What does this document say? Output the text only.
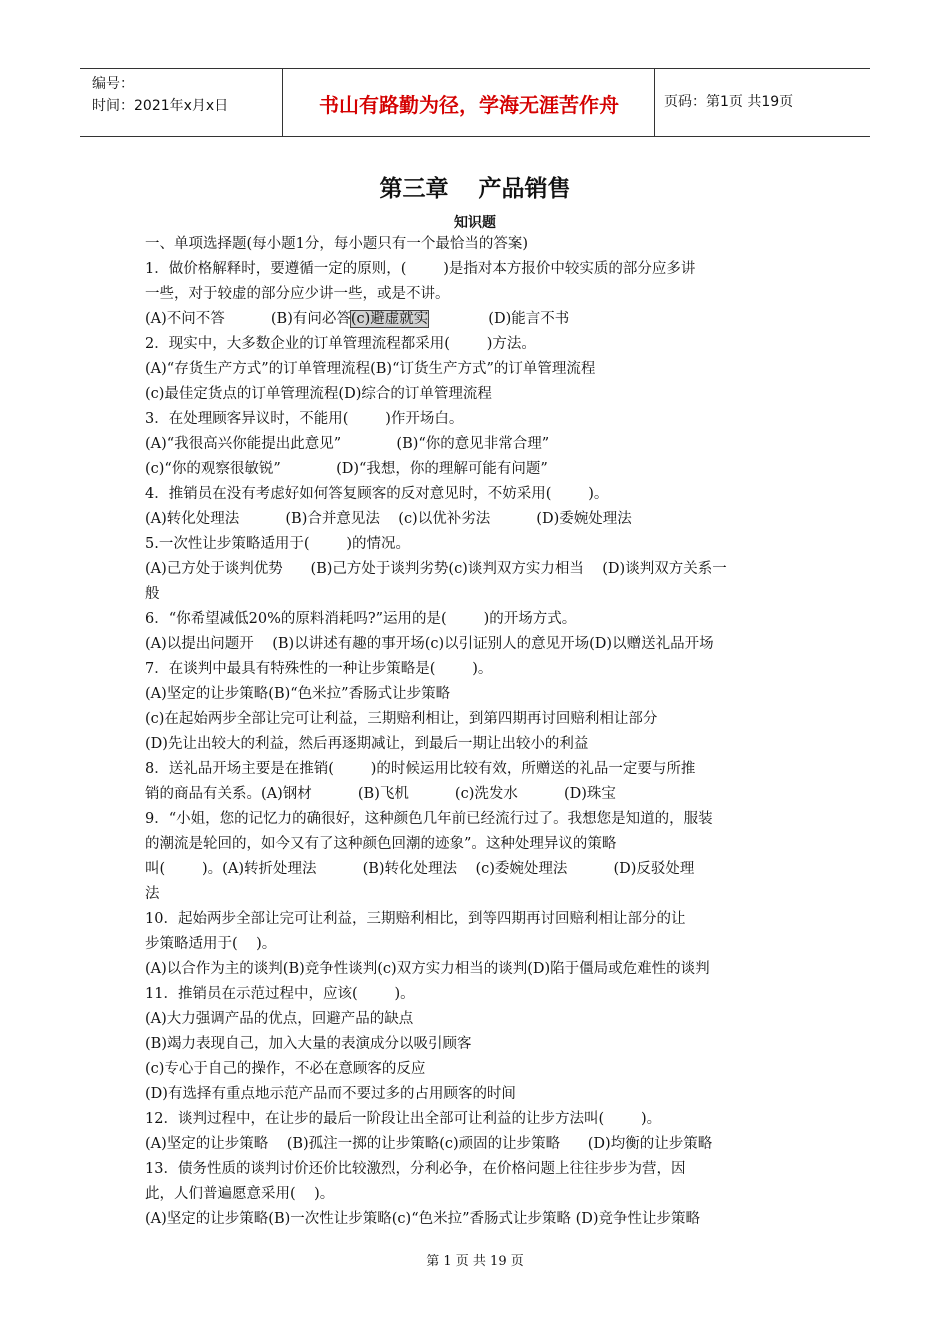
编号：
时间：2021年x月x日	书山有路勤为径，学海无涯苦作舟	页码：第1页 共19页
第三章 产品销售
知识题
一、单项选择题(每小题1分，每小题只有一个最恰当的答案)
1．做价格解释时，要遵循一定的原则，(        )是指对本方报价中较实质的部分应多讲
一些，对于较虚的部分应少讲一些，或是不讲。
(A)不问不答          (B)有问必答(c)避虚就实	(D)能言不书
2．现实中，大多数企业的订单管理流程都采用(        )方法。
(A)“存货生产方式”的订单管理流程(B)“订货生产方式”的订单管理流程
(c)最佳定货点的订单管理流程(D)综合的订单管理流程
3．在处理顾客异议时，不能用(        )作开场白。
(A)“我很高兴你能提出此意见”            (B)“你的意见非常合理”
(c)“你的观察很敏锐”            (D)“我想，你的理解可能有问题”
4．推销员在没有考虑好如何答复顾客的反对意见时，不妨采用(        )。
(A)转化处理法          (B)合并意见法    (c)以优补劣法          (D)委婉处理法
5.一次性让步策略适用于(        )的情况。
(A)己方处于谈判优势      (B)己方处于谈判劣势(c)谈判双方实力相当    (D)谈判双方关系一
般
6．“你希望减低20%的原料消耗吗?”运用的是(        )的开场方式。
(A)以提出问题开    (B)以讲述有趣的事开场(c)以引证别人的意见开场(D)以赠送礼品开场
7．在谈判中最具有特殊性的一种让步策略是(        )。
(A)坚定的让步策略(B)“色米拉”香肠式让步策略
(c)在起始两步全部让完可让利益，三期赔利相让，到第四期再讨回赔利相让部分
(D)先让出较大的利益，然后再逐期减让，到最后一期让出较小的利益
8．送礼品开场主要是在推销(        )的时候运用比较有效，所赠送的礼品一定要与所推
销的商品有关系。(A)钢材          (B)飞机          (c)洗发水          (D)珠宝
9．“小姐，您的记忆力的确很好，这种颜色几年前已经流行过了。我想您是知道的，服装
的潮流是轮回的，如今又有了这种颜色回潮的迹象”。这种处理异议的策略
叫(        )。(A)转折处理法          (B)转化处理法    (c)委婉处理法          (D)反驳处理
法
10．起始两步全部让完可让利益，三期赔利相比，到等四期再讨回赔利相让部分的让
步策略适用于(    )。
(A)以合作为主的谈判(B)竞争性谈判(c)双方实力相当的谈判(D)陷于僵局或危难性的谈判
11．推销员在示范过程中，应该(        )。
(A)大力强调产品的优点，回避产品的缺点
(B)竭力表现自己，加入大量的表演成分以吸引顾客
(c)专心于自己的操作，不必在意顾客的反应
(D)有选择有重点地示范产品而不要过多的占用顾客的时间
12．谈判过程中，在让步的最后一阶段让出全部可让利益的让步方法叫(        )。
(A)坚定的让步策略    (B)孤注一掷的让步策略(c)顽固的让步策略      (D)均衡的让步策略
13．债务性质的谈判讨价还价比较激烈，分利必争，在价格问题上往往步步为营，因
此，人们普遍愿意采用(    )。
(A)坚定的让步策略(B)一次性让步策略(c)“色米拉”香肠式让步策略 (D)竞争性让步策略
第 1 页 共 19 页
